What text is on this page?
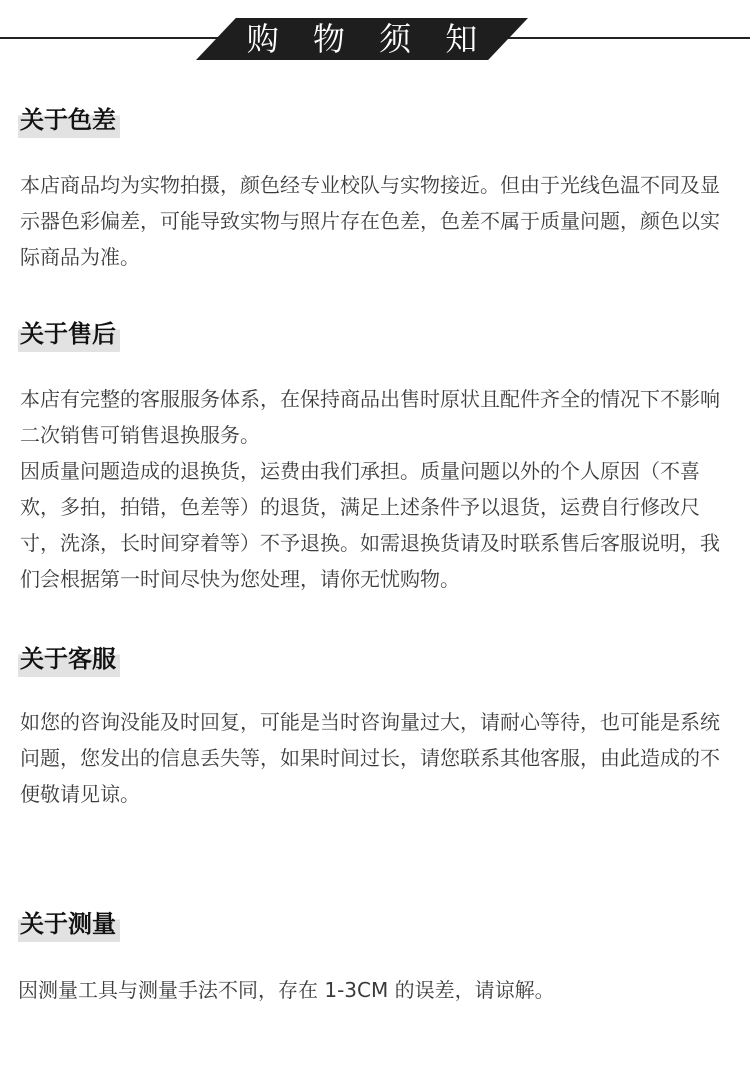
购 物 须 知
关于色差

本店商品均为实物拍摄，颜色经专业校队与实物接近。但由于光线色温不同及显示器色彩偏差，可能导致实物与照片存在色差，色差不属于质量问题，颜色以实际商品为准。

关于售后

本店有完整的客服服务体系，在保持商品出售时原状且配件齐全的情况下不影响二次销售可销售退换服务。

因质量问题造成的退换货，运费由我们承担。质量问题以外的个人原因（不喜欢，多拍，拍错，色差等）的退货，满足上述条件予以退货，运费自行修改尺寸，洗涤，长时间穿着等）不予退换。如需退换货请及时联系售后客服说明，我们会根据第一时间尽快为您处理，请你无忧购物。

关于客服

如您的咨询没能及时回复，可能是当时咨询量过大，请耐心等待，也可能是系统问题，您发出的信息丢失等，如果时间过长，请您联系其他客服，由此造成的不便敬请见谅。

关于测量

因测量工具与测量手法不同，存在 1-3CM 的误差，请谅解。
